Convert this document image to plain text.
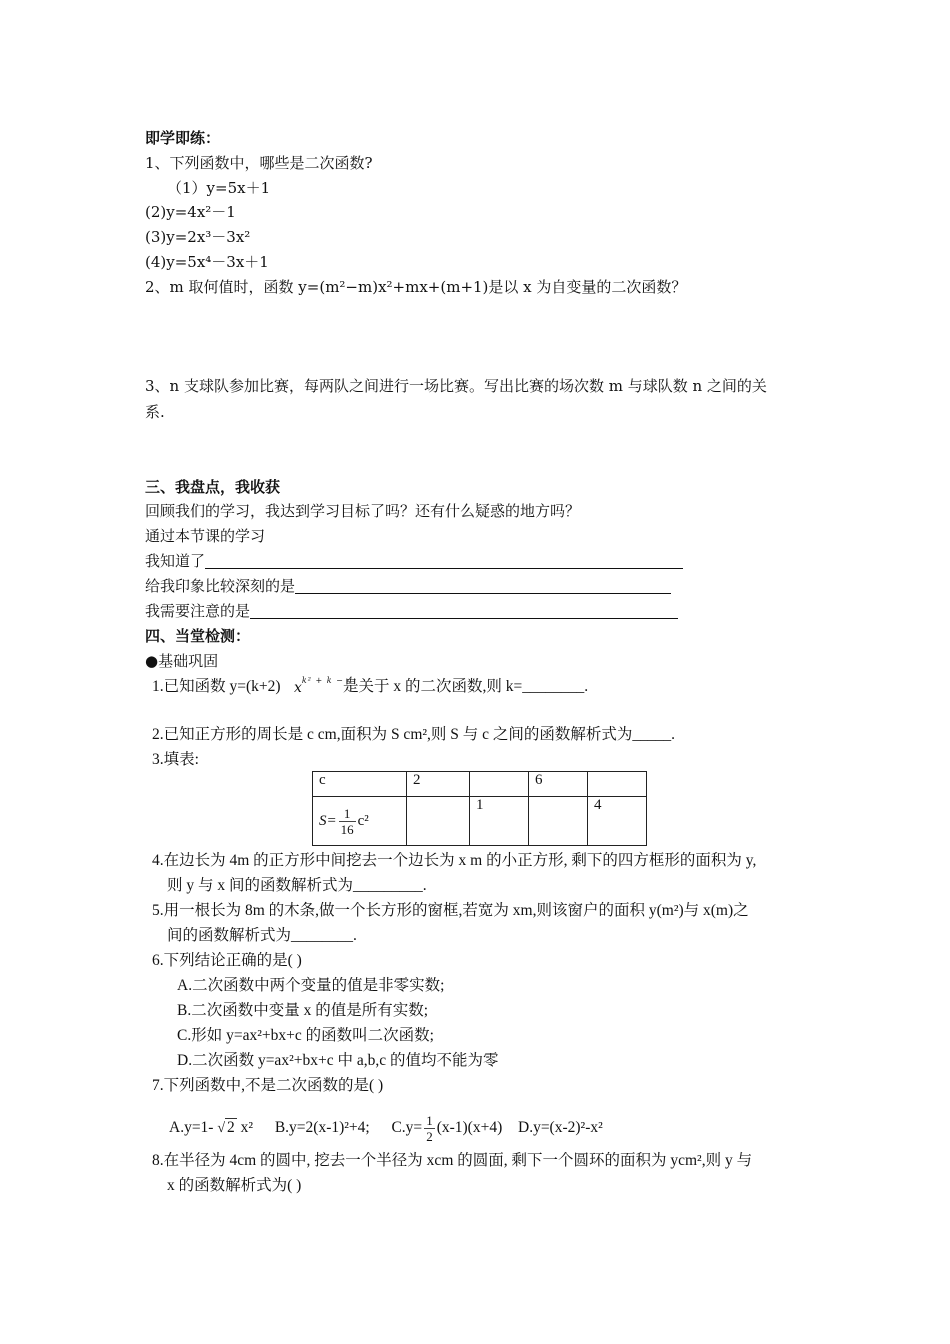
即学即练：
1、下列函数中，哪些是二次函数?
（1）y=5x＋1
(2)y=4x²－1
(3)y=2x³－3x²
(4)y=5x⁴－3x＋1
2、m 取何值时，函数 y=(m²−m)x²+mx+(m+1)是以 x 为自变量的二次函数？
3、n 支球队参加比赛，每两队之间进行一场比赛。写出比赛的场次数 m 与球队数 n 之间的关
系.
三、我盘点，我收获
回顾我们的学习，我达到学习目标了吗？还有什么疑惑的地方吗？
通过本节课的学习
我知道了
给我印象比较深刻的是
我需要注意的是
四、当堂检测：
●基础巩固
1.已知函数 y=(k+2) $x^{k^2 + k - 4}$
是关于 x 的二次函数,则 k=________.
2.已知正方形的周长是 c cm,面积为 S cm²,则 S 与 c 之间的函数解析式为_____.
3.填表:
c	2		6	
$S= \frac{1}{16} c^2$		1		4
4.在边长为 4m 的正方形中间挖去一个边长为 x m 的小正方形, 剩下的四方框形的面积为 y,
则 y 与 x 间的函数解析式为_________.
5.用一根长为 8m 的木条,做一个长方形的窗框,若宽为 xm,则该窗户的面积 y(m²)与 x(m)之
间的函数解析式为________.
6.下列结论正确的是( )
A.二次函数中两个变量的值是非零实数;
B.二次函数中变量 x 的值是所有实数;
C.形如 y=ax²+bx+c 的函数叫二次函数;
D.二次函数 y=ax²+bx+c 中 a,b,c 的值均不能为零
7.下列函数中,不是二次函数的是( )
A.y=1- √ 2 x² B.y=2(x-1)²+4; $C.y= \frac{1}{2} (x-1)(x+4)$ D.y=(x-2)²-x²
8.在半径为 4cm 的圆中, 挖去一个半径为 xcm 的圆面, 剩下一个圆环的面积为 ycm²,则 y 与
x 的函数解析式为( )
